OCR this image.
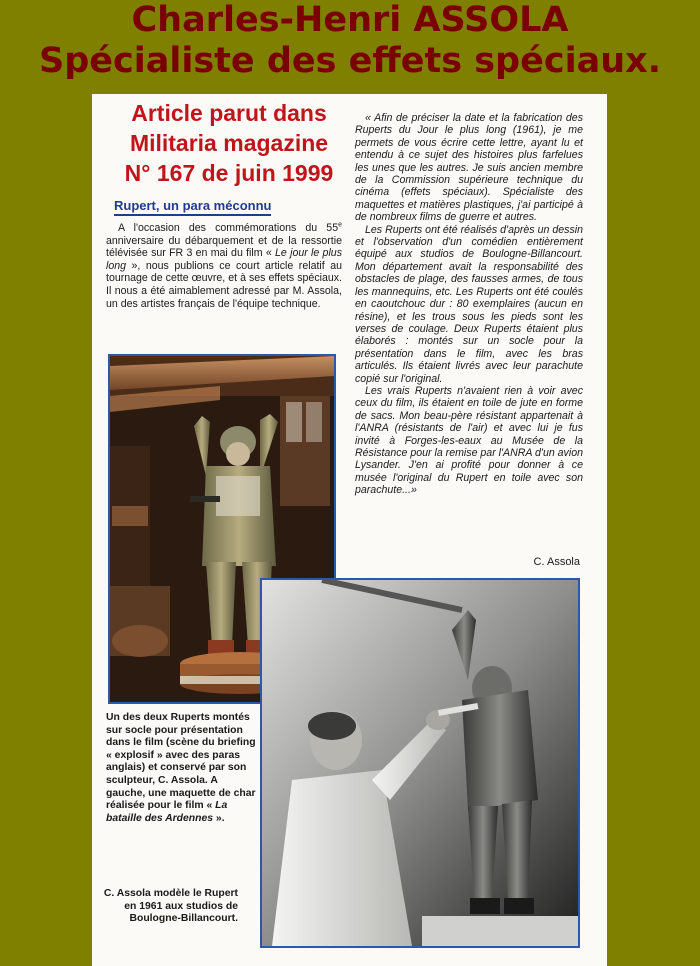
Charles-Henri ASSOLA
Spécialiste des effets spéciaux.
Article parut dans
Militaria magazine
N° 167 de juin 1999
Rupert, un para méconnu
A l'occasion des commémorations du 55e anniversaire du débarquement et de la ressortie télévisée sur FR 3 en mai du film « Le jour le plus long », nous publions ce court article relatif au tournage de cette œuvre, et à ses effets spéciaux. Il nous a été aimablement adressé par M. Assola, un des artistes français de l'équipe technique.

« Afin de préciser la date et la fabrication des Ruperts du Jour le plus long (1961), je me permets de vous écrire cette lettre, ayant lu et entendu à ce sujet des histoires plus farfelues les unes que les autres. Je suis ancien membre de la Commission supérieure technique du cinéma (effets spéciaux). Spécialiste des maquettes et matières plastiques, j'ai participé à de nombreux films de guerre et autres.

Les Ruperts ont été réalisés d'après un dessin et l'observation d'un comédien entièrement équipé aux studios de Boulogne-Billancourt. Mon département avait la responsabilité des obstacles de plage, des fausses armes, de tous les mannequins, etc. Les Ruperts ont été coulés en caoutchouc dur : 80 exemplaires (aucun en résine), et les trous sous les pieds sont les verses de coulage. Deux Ruperts étaient plus élaborés : montés sur un socle pour la présentation dans le film, avec les bras articulés. Ils étaient livrés avec leur parachute copié sur l'original.

Les vrais Ruperts n'avaient rien à voir avec ceux du film, ils étaient en toile de jute en forme de sacs. Mon beau-père résistant appartenait à l'ANRA (résistants de l'air) et avec lui je fus invité à Forges-les-eaux au Musée de la Résistance pour la remise par l'ANRA d'un avion Lysander. J'en ai profité pour donner à ce musée l'original du Rupert en toile avec son parachute...»

C. Assola
Un des deux Ruperts montés sur socle pour présentation dans le film (scène du briefing « explosif » avec des paras anglais) et conservé par son sculpteur, C. Assola. A gauche, une maquette de char réalisée pour le film « La bataille des Ardennes ».
C. Assola modèle le Rupert en 1961 aux studios de Boulogne-Billancourt.
